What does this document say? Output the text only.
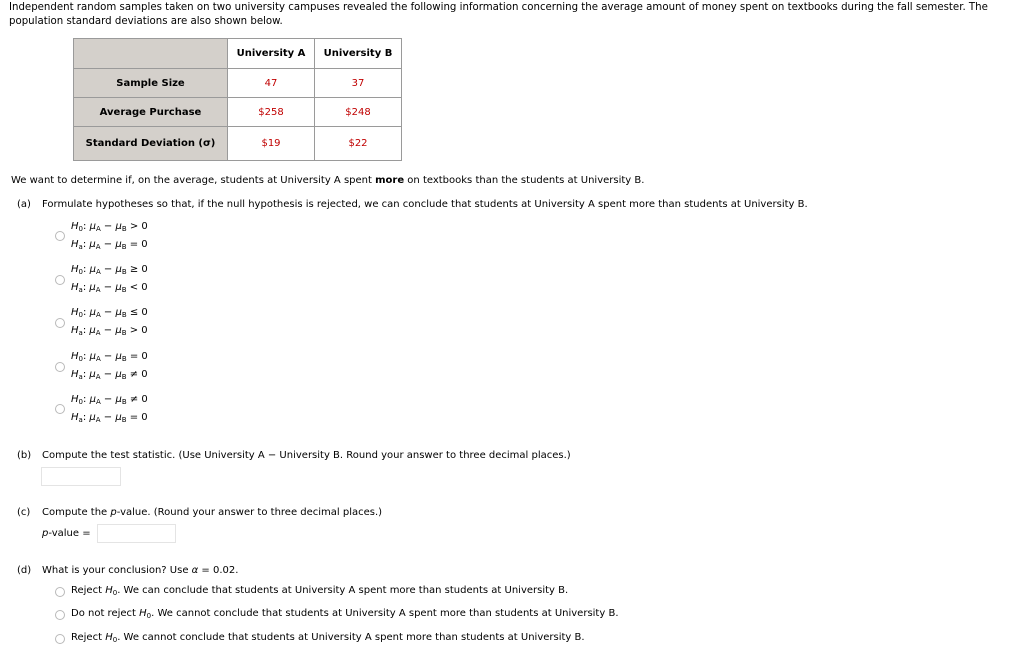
Independent random samples taken on two university campuses revealed the following information concerning the average amount of money spent on textbooks during the fall semester. The population standard deviations are also shown below.
	University A	University B
Sample Size	47	37
Average Purchase	$258	$248
Standard Deviation (σ)	$19	$22
We want to determine if, on the average, students at University A spent more on textbooks than the students at University B.
(a) Formulate hypotheses so that, if the null hypothesis is rejected, we can conclude that students at University A spent more than students at University B.
$H_0$: $\mu_A - \mu_B > 0$
$H_a$: $\mu_A - \mu_B = 0$
$H_0$: $\mu_A - \mu_B \ge 0$
$H_a$: $\mu_A - \mu_B < 0$
$H_0$: $\mu_A - \mu_B \le 0$
$H_a$: $\mu_A - \mu_B > 0$
$H_0$: $\mu_A - \mu_B = 0$
$H_a$: $\mu_A - \mu_B \ne 0$
$H_0$: $\mu_A - \mu_B \ne 0$
$H_a$: $\mu_A - \mu_B = 0$
(b) Compute the test statistic. (Use University A − University B. Round your answer to three decimal places.)
(c) Compute the p-value. (Round your answer to three decimal places.)
p-value =
(d) What is your conclusion? Use α = 0.02.
Reject $H_0$. We can conclude that students at University A spent more than students at University B.
Do not reject $H_0$. We cannot conclude that students at University A spent more than students at University B.
Reject $H_0$. We cannot conclude that students at University A spent more than students at University B.
